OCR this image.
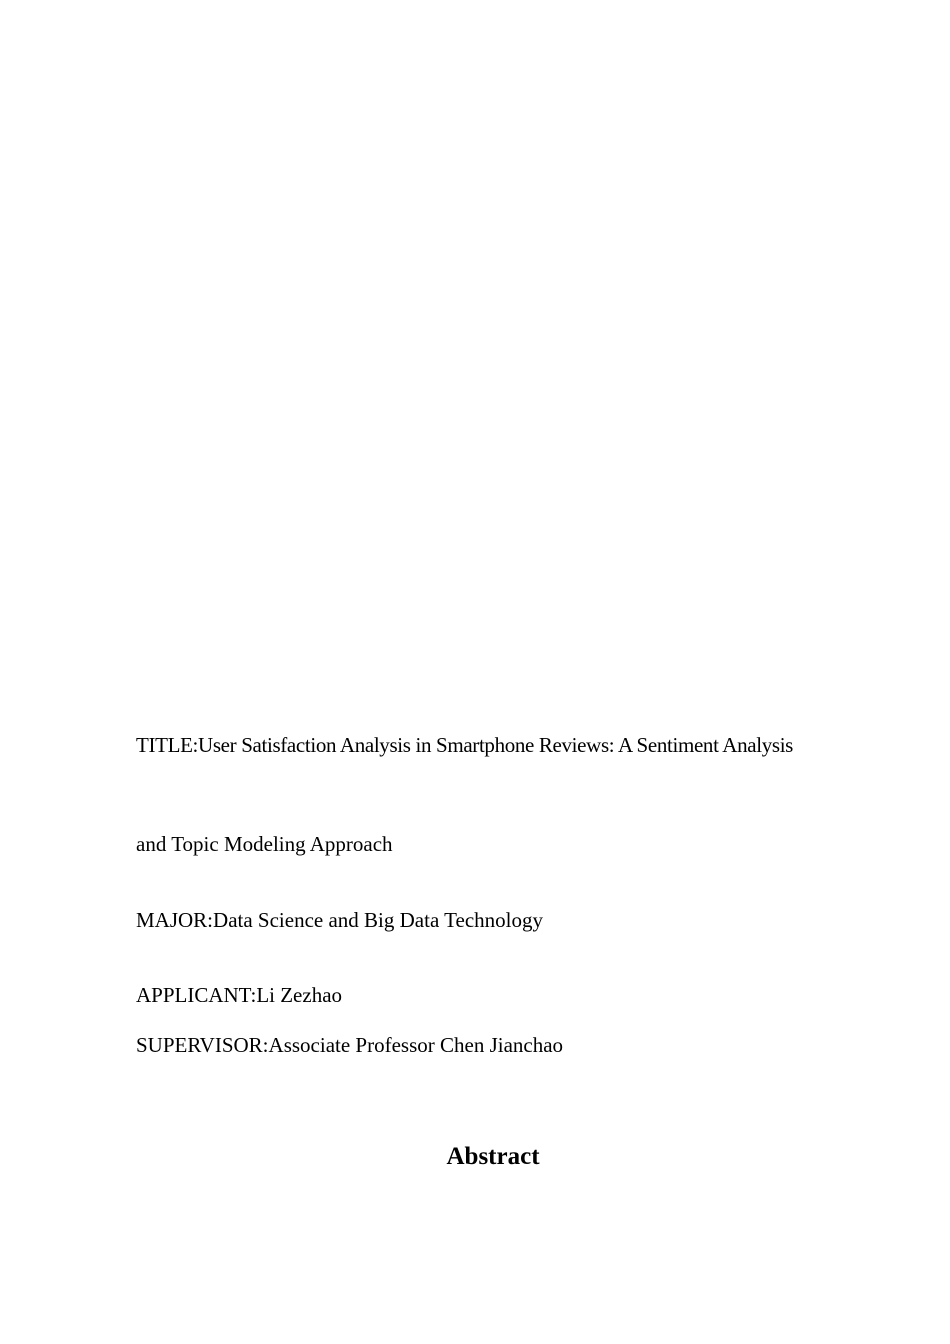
TITLE:User Satisfaction Analysis in Smartphone Reviews: A Sentiment Analysis
and Topic Modeling Approach
MAJOR:Data Science and Big Data Technology
APPLICANT:Li Zezhao
SUPERVISOR:Associate Professor Chen Jianchao
Abstract
